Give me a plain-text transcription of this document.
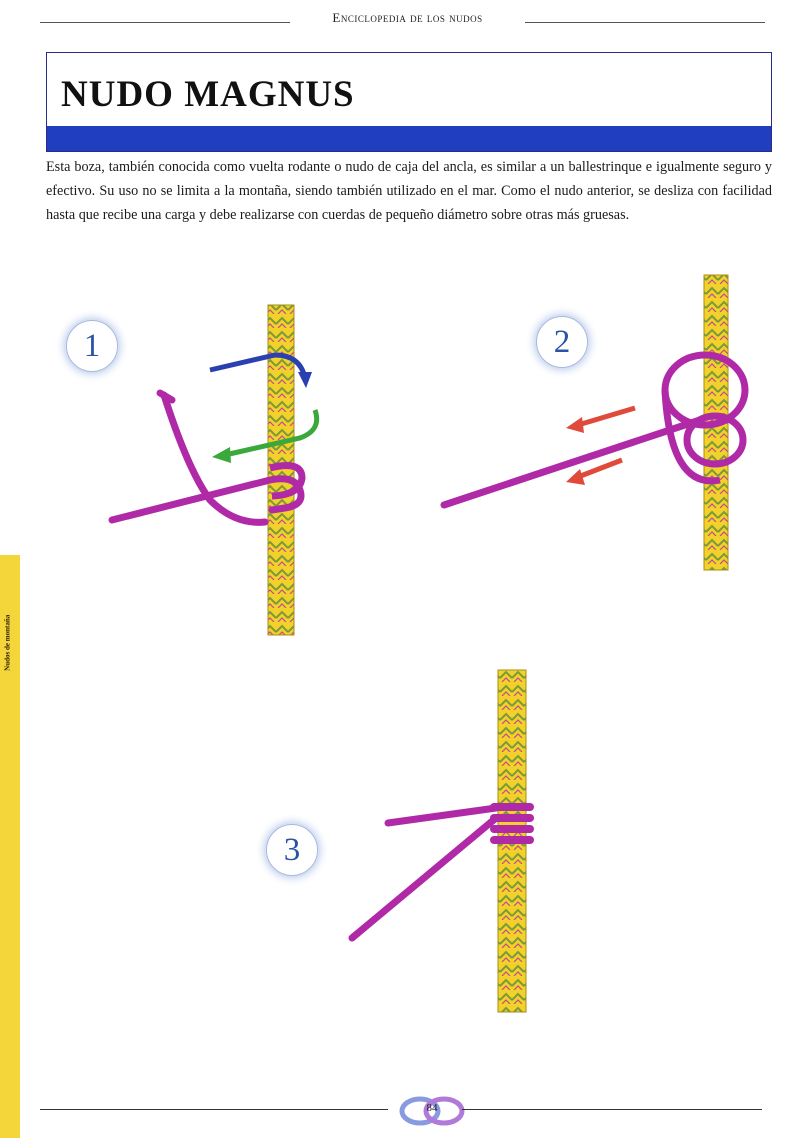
Enciclopedia de los nudos
NUDO MAGNUS
Esta boza, también conocida como vuelta rodante o nudo de caja del ancla, es similar a un ballestrinque e igualmente seguro y efectivo. Su uso no se limita a la montaña, siendo también utilizado en el mar. Como el nudo anterior, se desliza con facilidad hasta que recibe una carga y debe realizarse con cuerdas de pequeño diámetro sobre otras más gruesas.
Nudos de montaña
1	2
3
84
